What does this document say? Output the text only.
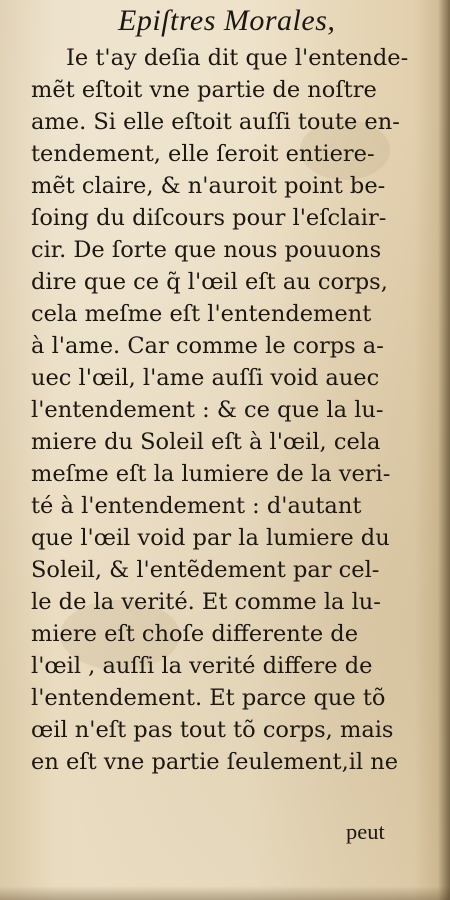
Epiſtres Morales,
Ie t'ay deſia dit que l'entende-
mẽt eſtoit vne partie de noſtre
ame. Si elle eſtoit auſſi toute en-
tendement, elle ſeroit entiere-
mẽt claire, & n'auroit point be-
ſoing du diſcours pour l'eſclair-
cir. De ſorte que nous pouuons
dire que ce q̃ l'œil eſt au corps,
cela meſme eſt l'entendement
à l'ame. Car comme le corps a-
uec l'œil, l'ame auſſi void auec
l'entendement : & ce que la lu-
miere du Soleil eſt à l'œil, cela
meſme eſt la lumiere de la veri-
té à l'entendement : d'autant
que l'œil void par la lumiere du
Soleil, & l'entẽdement par cel-
le de la verité. Et comme la lu-
miere eſt choſe differente de
l'œil , auſſi la verité differe de
l'entendement. Et parce que tõ
œil n'eſt pas tout tõ corps, mais
en eſt vne partie ſeulement,il ne
peut
